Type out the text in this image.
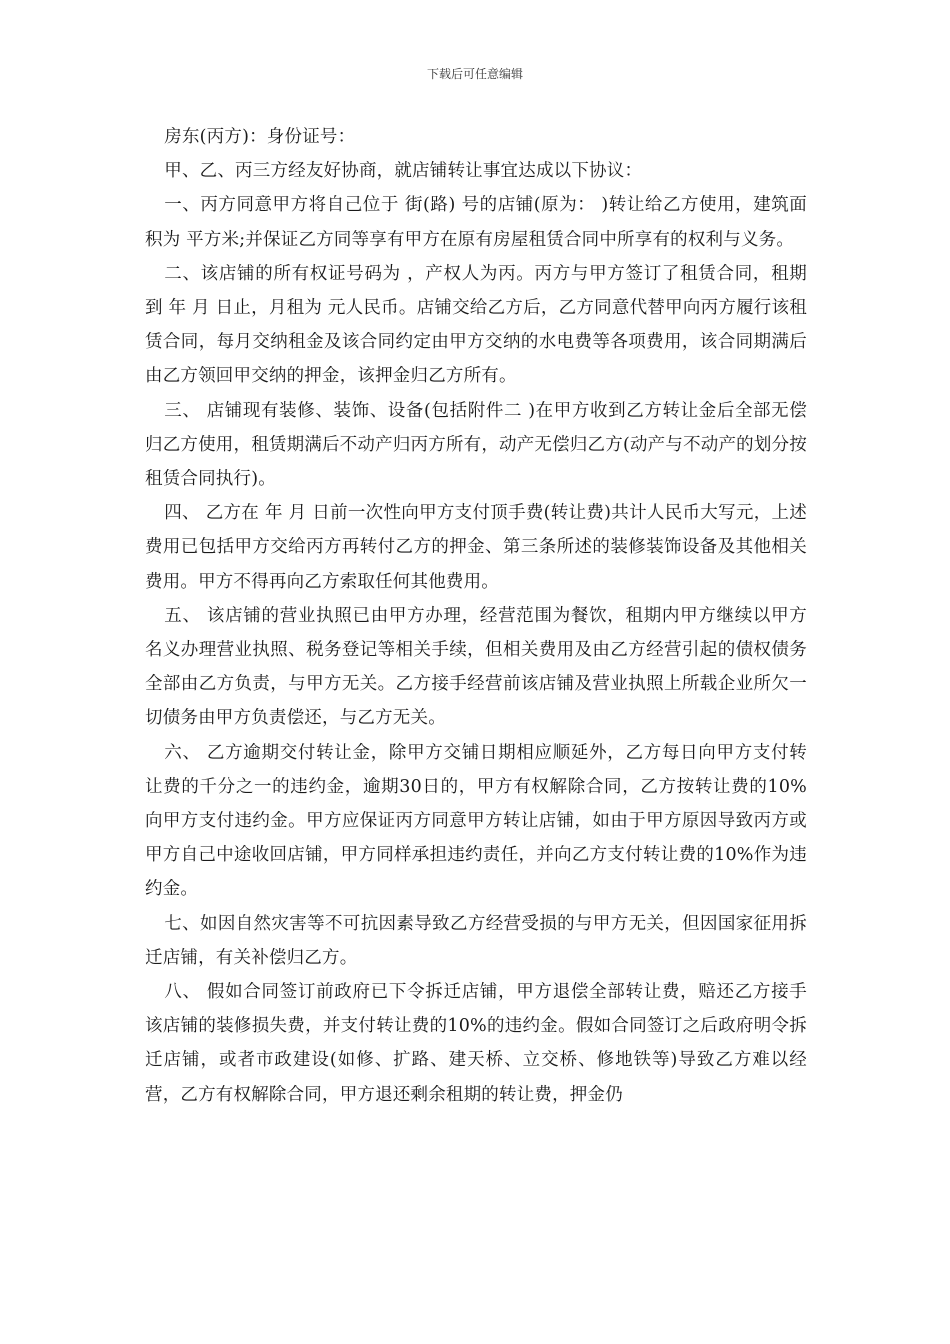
下载后可任意编辑

房东(丙方)：身份证号：

甲、乙、丙三方经友好协商，就店铺转让事宜达成以下协议：

一、丙方同意甲方将自己位于 街(路) 号的店铺(原为： )转让给乙方使用，建筑面积为 平方米;并保证乙方同等享有甲方在原有房屋租赁合同中所享有的权利与义务。

二、该店铺的所有权证号码为 ，产权人为丙。丙方与甲方签订了租赁合同，租期到 年 月 日止，月租为 元人民币。店铺交给乙方后，乙方同意代替甲向丙方履行该租赁合同，每月交纳租金及该合同约定由甲方交纳的水电费等各项费用，该合同期满后由乙方领回甲交纳的押金，该押金归乙方所有。

三、 店铺现有装修、装饰、设备(包括附件二 )在甲方收到乙方转让金后全部无偿归乙方使用，租赁期满后不动产归丙方所有，动产无偿归乙方(动产与不动产的划分按租赁合同执行)。

四、 乙方在 年 月 日前一次性向甲方支付顶手费(转让费)共计人民币大写元，上述费用已包括甲方交给丙方再转付乙方的押金、第三条所述的装修装饰设备及其他相关费用。甲方不得再向乙方索取任何其他费用。

五、 该店铺的营业执照已由甲方办理，经营范围为餐饮，租期内甲方继续以甲方名义办理营业执照、税务登记等相关手续，但相关费用及由乙方经营引起的债权债务全部由乙方负责，与甲方无关。乙方接手经营前该店铺及营业执照上所载企业所欠一切债务由甲方负责偿还，与乙方无关。

六、 乙方逾期交付转让金，除甲方交铺日期相应顺延外，乙方每日向甲方支付转让费的千分之一的违约金，逾期30日的，甲方有权解除合同，乙方按转让费的10%向甲方支付违约金。甲方应保证丙方同意甲方转让店铺，如由于甲方原因导致丙方或甲方自己中途收回店铺，甲方同样承担违约责任，并向乙方支付转让费的10%作为违约金。

七、如因自然灾害等不可抗因素导致乙方经营受损的与甲方无关，但因国家征用拆迁店铺，有关补偿归乙方。

八、 假如合同签订前政府已下令拆迁店铺，甲方退偿全部转让费，赔还乙方接手该店铺的装修损失费，并支付转让费的10%的违约金。假如合同签订之后政府明令拆迁店铺，或者市政建设(如修、扩路、建天桥、立交桥、修地铁等)导致乙方难以经营，乙方有权解除合同，甲方退还剩余租期的转让费，押金仍
